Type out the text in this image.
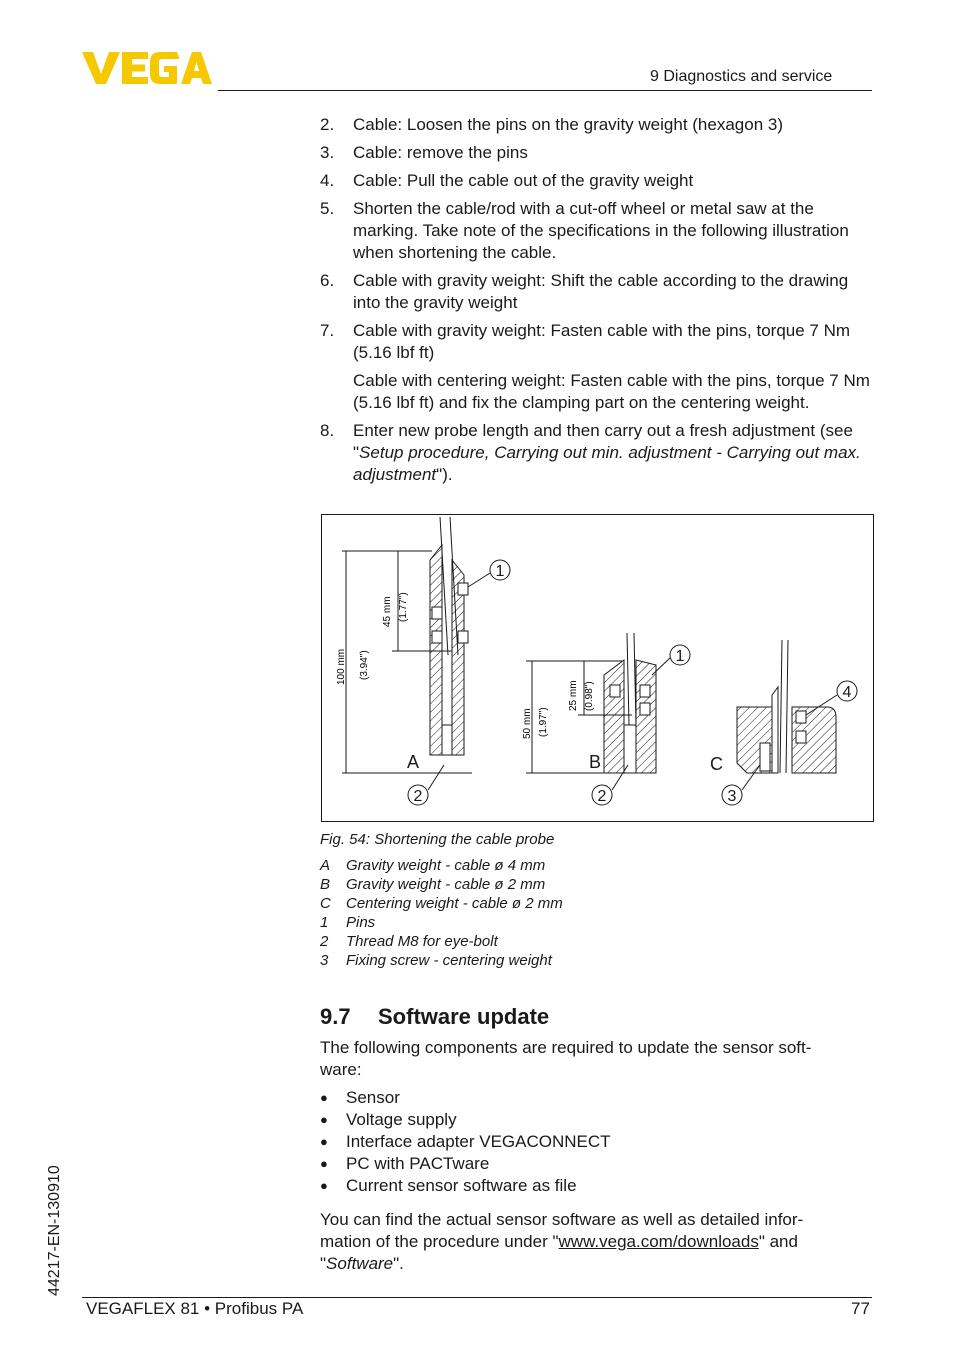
9 Diagnostics and service
2.	Cable: Loosen the pins on the gravity weight (hexagon 3)
3.	Cable: remove the pins
4.	Cable: Pull the cable out of the gravity weight
5.	Shorten the cable/rod with a cut-off wheel or metal saw at the marking. Take note of the specifications in the following illustration when shortening the cable.
6.	Cable with gravity weight: Shift the cable according to the drawing into the gravity weight
7.	Cable with gravity weight: Fasten cable with the pins, torque 7 Nm (5.16 lbf ft)
Cable with centering weight: Fasten cable with the pins, torque 7 Nm (5.16 lbf ft) and fix the clamping part on the centering weight.
8.	Enter new probe length and then carry out a fresh adjustment (see "Setup procedure, Carrying out min. adjustment - Carrying out max. adjustment").
100 mm (3.94")
45 mm (1.77")
50 mm (1.97")
25 mm (0.98")
1
1
4
2	2	3
A	B	C
Fig. 54: Shortening the cable probe
A	Gravity weight - cable ø 4 mm
B	Gravity weight - cable ø 2 mm
C	Centering weight - cable ø 2 mm
1	Pins
2	Thread M8 for eye-bolt
3	Fixing screw - centering weight
9.7 Software update
The following components are required to update the sensor soft-ware:
●	Sensor
●	Voltage supply
●	Interface adapter VEGACONNECT
●	PC with PACTware
●	Current sensor software as file
You can find the actual sensor software as well as detailed infor-mation of the procedure under "www.vega.com/downloads" and "Software".
44217-EN-130910
VEGAFLEX 81 • Profibus PA	77
